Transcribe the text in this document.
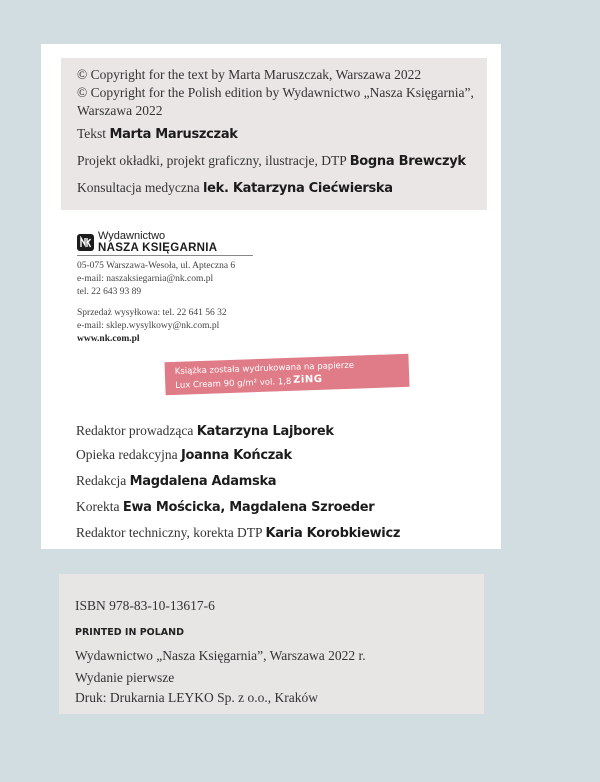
© Copyright for the text by Marta Maruszczak, Warszawa 2022
© Copyright for the Polish edition by Wydawnictwo „Nasza Księgarnia”,
Warszawa 2022
Tekst Marta Maruszczak
Projekt okładki, projekt graficzny, ilustracje, DTP Bogna Brewczyk
Konsultacja medyczna lek. Katarzyna Ciećwierska
Wydawnictwo
NASZA KSIĘGARNIA
05-075 Warszawa-Wesoła, ul. Apteczna 6
e-mail: naszaksiegarnia@nk.com.pl
tel. 22 643 93 89
Sprzedaż wysyłkowa: tel. 22 641 56 32
e-mail: sklep.wysylkowy@nk.com.pl
www.nk.com.pl
Książka została wydrukowana na papierze
Lux Cream 90 g/m² vol. 1,8 ZiNG
Redaktor prowadząca Katarzyna Lajborek
Opieka redakcyjna Joanna Kończak
Redakcja Magdalena Adamska
Korekta Ewa Mościcka, Magdalena Szroeder
Redaktor techniczny, korekta DTP Karia Korobkiewicz
ISBN 978-83-10-13617-6
PRINTED IN POLAND
Wydawnictwo „Nasza Księgarnia”, Warszawa 2022 r.
Wydanie pierwsze
Druk: Drukarnia LEYKO Sp. z o.o., Kraków
